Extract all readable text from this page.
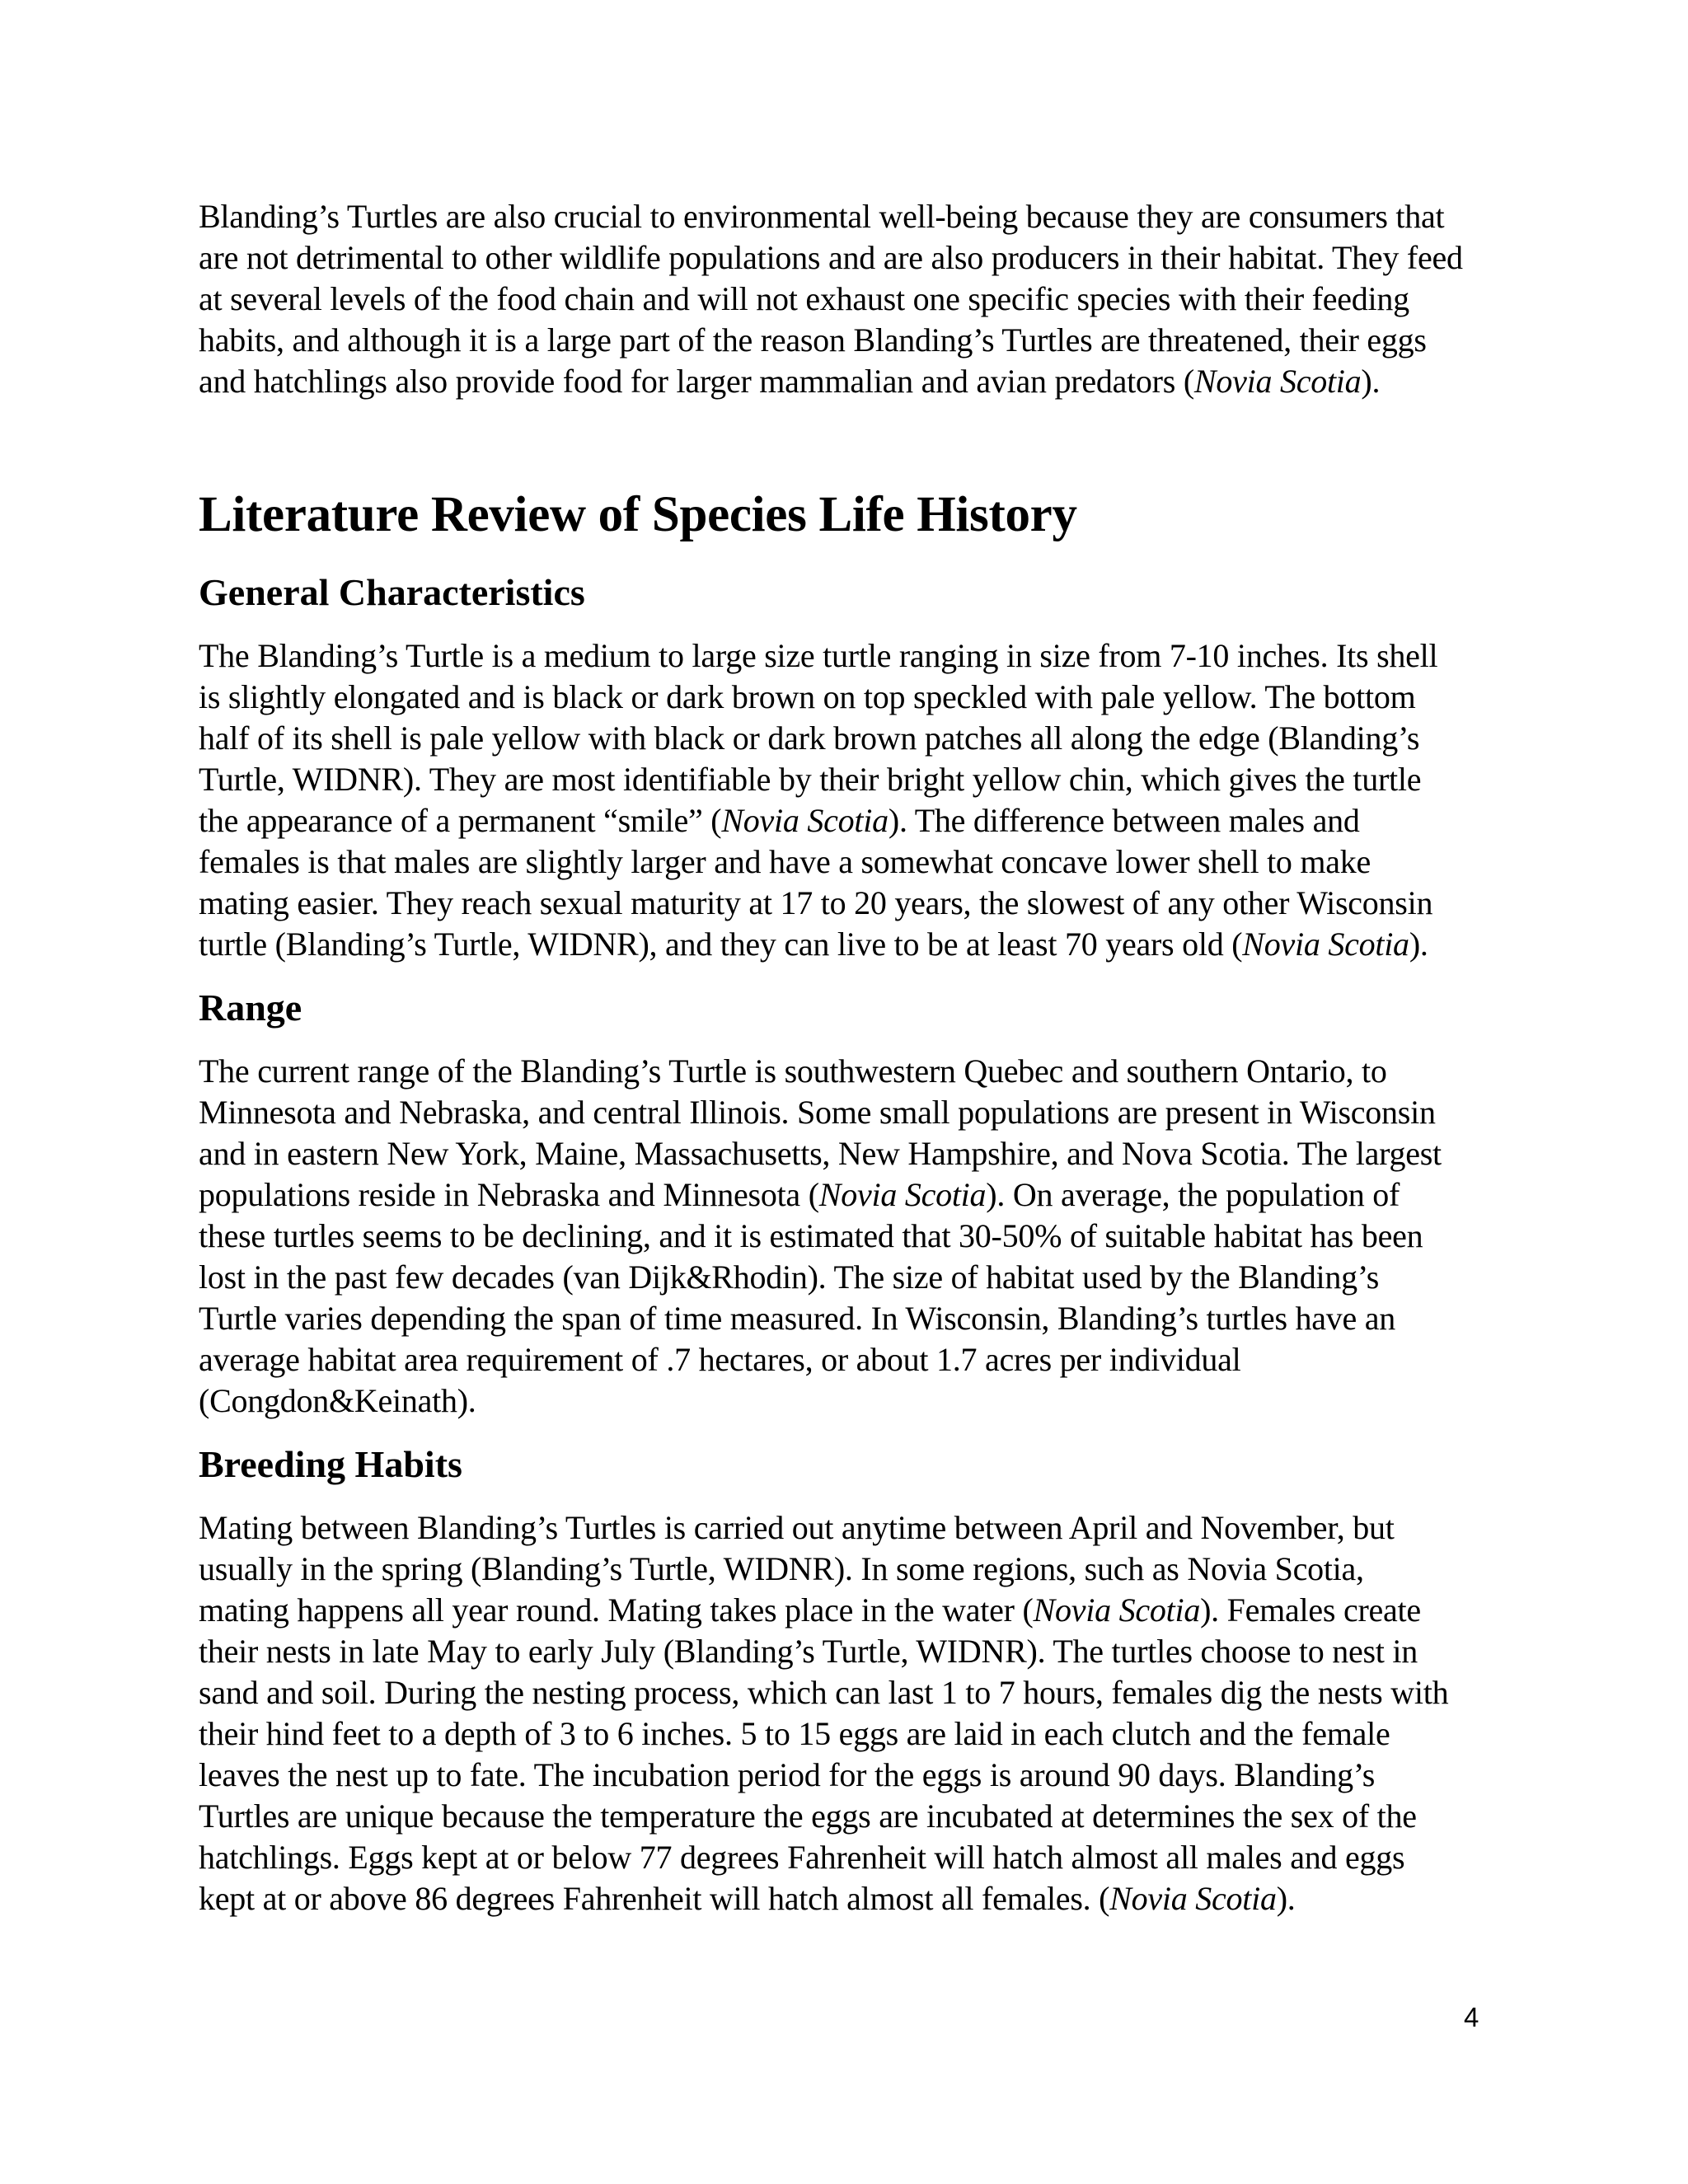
Blanding’s Turtles are also crucial to environmental well-being because they are consumers that
are not detrimental to other wildlife populations and are also producers in their habitat. They feed
at several levels of the food chain and will not exhaust one specific species with their feeding
habits, and although it is a large part of the reason Blanding’s Turtles are threatened, their eggs
and hatchlings also provide food for larger mammalian and avian predators (Novia Scotia).

Literature Review of Species Life History
General Characteristics

The Blanding’s Turtle is a medium to large size turtle ranging in size from 7-10 inches. Its shell
is slightly elongated and is black or dark brown on top speckled with pale yellow. The bottom
half of its shell is pale yellow with black or dark brown patches all along the edge (Blanding’s
Turtle, WIDNR). They are most identifiable by their bright yellow chin, which gives the turtle
the appearance of a permanent “smile” (Novia Scotia). The difference between males and
females is that males are slightly larger and have a somewhat concave lower shell to make
mating easier. They reach sexual maturity at 17 to 20 years, the slowest of any other Wisconsin
turtle (Blanding’s Turtle, WIDNR), and they can live to be at least 70 years old (Novia Scotia).

Range

The current range of the Blanding’s Turtle is southwestern Quebec and southern Ontario, to
Minnesota and Nebraska, and central Illinois. Some small populations are present in Wisconsin
and in eastern New York, Maine, Massachusetts, New Hampshire, and Nova Scotia. The largest
populations reside in Nebraska and Minnesota (Novia Scotia). On average, the population of
these turtles seems to be declining, and it is estimated that 30-50% of suitable habitat has been
lost in the past few decades (van Dijk&Rhodin). The size of habitat used by the Blanding’s
Turtle varies depending the span of time measured. In Wisconsin, Blanding’s turtles have an
average habitat area requirement of .7 hectares, or about 1.7 acres per individual
(Congdon&Keinath).

Breeding Habits

Mating between Blanding’s Turtles is carried out anytime between April and November, but
usually in the spring (Blanding’s Turtle, WIDNR). In some regions, such as Novia Scotia,
mating happens all year round. Mating takes place in the water (Novia Scotia). Females create
their nests in late May to early July (Blanding’s Turtle, WIDNR). The turtles choose to nest in
sand and soil. During the nesting process, which can last 1 to 7 hours, females dig the nests with
their hind feet to a depth of 3 to 6 inches. 5 to 15 eggs are laid in each clutch and the female
leaves the nest up to fate. The incubation period for the eggs is around 90 days. Blanding’s
Turtles are unique because the temperature the eggs are incubated at determines the sex of the
hatchlings. Eggs kept at or below 77 degrees Fahrenheit will hatch almost all males and eggs
kept at or above 86 degrees Fahrenheit will hatch almost all females. (Novia Scotia).

4
